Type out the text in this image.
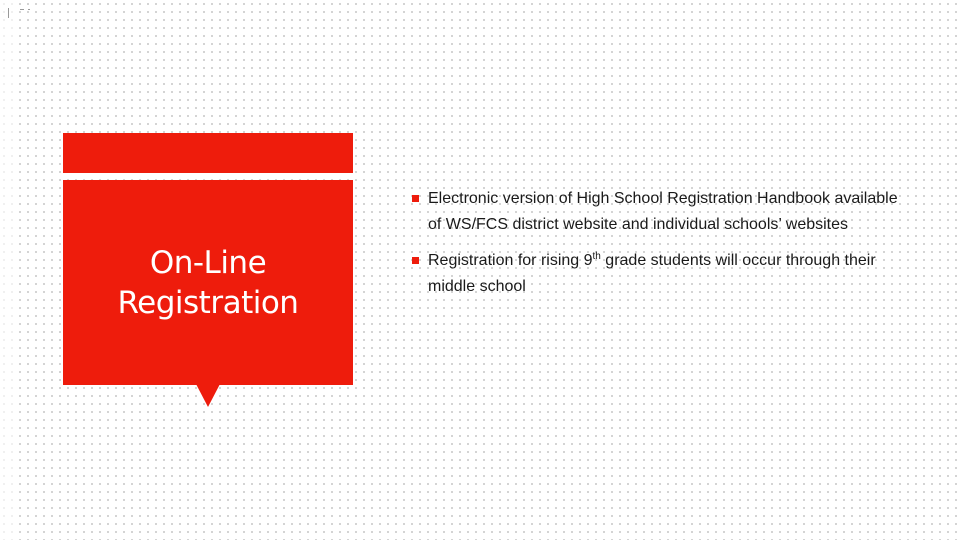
On-Line
Registration
Electronic version of High School Registration Handbook available of WS/FCS district website and individual schools’ websites
Registration for rising 9th grade students will occur through their middle school
